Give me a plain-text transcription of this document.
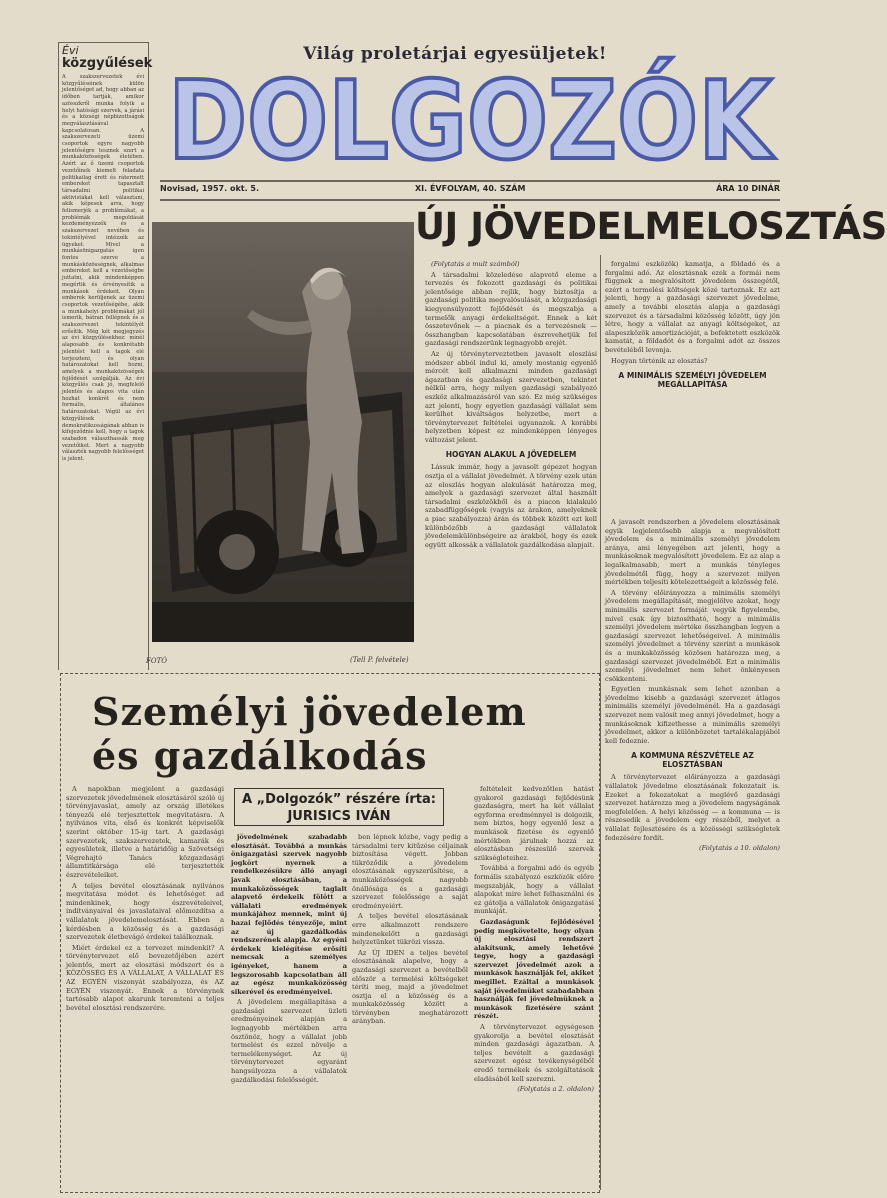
Világ proletárjai egyesüljetek!
DOLGOZÓK
Novisad, 1957. okt. 5.	XI. ÉVFOLYAM, 40. SZÁM	ÁRA 10 DINÁR
Évi
közgyűlések
A szakszervezetek évi közgyűléseinek külön jelentőséget ad, hogy abban az időben tartják, amikor azösszkről munka folyik a helyi hatósági szervek, a járási és a községi népbizottságok megválasztásával kapcsolatosan. A szakszervezeti üzemi csoportok egyre nagyobb jelentőségre tesznek szert a munkaközösségek életében. Azért az ő üzemi csoportok vezetőinek kiemelt feladata politikailag érett és rátermett embereket tapasztalt társadalmi politikai aktivistákat kell választani, akik képesek arra, hogy felismerjék a problémákat, a problémák megoldását kezdeményezzék és a szakszervezet nevében és tekintélyével intézzék az ügyeket. Mivel a munkásönigazgatás igen fontos szerve a munkásközösségnek, alkalmas embereket kell a vezetőségbe juttatni, akik mindenképpen megértik és érvényesítik a munkások érdekeit. Olyan emberek kerüljenek az üzemi csoportok vezetőségébe, akik a munkahelyi problémákat jól ismerik, bátran fellépnek és a szakszervezet tekintélyét erősítik. Még két megjegyzés az évi közgyűlésekhez: minél alaposabb és konkrétabb jelentést kell a tagok elé terjeszteni, és olyan határozatokat kell hozni, amelyek a munkaközösségek fejlődését szolgálják. Az évi közgyűlés csak jó, megfelelő jelentés és alapos vita után hozhat konkrét és nem formális, általános határozatokat. Végül az évi közgyűlések demokratikusságának abban is kifejeződnie kell, hogy a tagok szabadon választhassák meg vezetőiket. Mert a nagyobb választék nagyobb felelősséget is jelent.
ÚJ JÖVEDELMELOSZTÁS
FOTÓ	(Tell P. felvétele)

(Folytatás a mult számból)

A társadalmi közeledése alapvető eleme a tervezés és fokozott gazdasági és politikai jelentősége abban rejlik, hogy biztosítja a gazdasági politika megvalósulását, a közgazdasági kiegyensúlyozott fejlődését és megszabja a termelők anyagi érdekeltségét. Ennek a két összetevőnek — a piacnak és a tervezésnek — összhangban kapcsolatában észrevehetjük fel gazdasági rendszerünk legnagyobb erejét.

Az új törvényterveztetben javasolt eloszlási módszer abból indul ki, amely mostanig egyenlő mércét kell alkalmazni minden gazdasági ágazatban és gazdasági szervezetben, tekintet nélkül arra, hogy milyen gazdasági szabályozó eszköz alkalmazásáról van szó. Ez még szükséges azt jelenti, hogy egyetlen gazdasági vállalat sem kerülhet kiváltságos helyzetbe, mert a törvénytervezet feltételei ugyanazok. A korábbi helyzetben képest ez mindenképpen lényeges változást jelent.

HOGYAN ALAKUL A JÖVEDELEM

Lássuk immár, hogy a javasolt gépezet hogyan osztja el a vállalat jövedelmét. A törvény ezek után az eloszlás hogyan alakulását határozza meg, amelyek a gazdasági szervezet által használt társadalmi eszközökből és a piacon kialakuló szabadfüggőségek (vagyis az árakon, amelyeknek a piac szabályozza) árán és többek között ezt kell különbözőbb a gazdasági vállalatok jövedelemkülönbségeire az árakból, hogy és ezek együtt alkossák a vállalatok gazdálkodása alapjait.

forgalmi eszközök) kamatja, a földadó és a forgalmi adó. Az elosztásnak ezek a formái nem függnek a megvalósított jövedelem összegétől, ezért a termelési költségek közé tartoznak. Ez azt jelenti, hogy a gazdasági szervezet jövedelme, amely a további elosztás alapja a gazdasági szervezet és a társadalmi közösség között, úgy jön létre, hogy a vállalat az anyagi költségeket, az alapeszközök amortizációját, a befektetett eszközök kamatát, a földadót és a forgalmi adót az összes bevételéből levonja.

Hogyan történik az elosztás?

A MINIMÁLIS SZEMÉLYI JÖVEDELEM MEGÁLLAPÍTÁSA

A javasolt rendszerben a jövedelem elosztásának egyik legjelentősebb alapja a megvalósított jövedelem és a minimális személyi jövedelem aránya, ami lényegében azt jelenti, hogy a munkásoknak megvalósított jövedelem. Ez az alap a legalkalmasabb, mert a munkás tényleges jövedelmétől függ, hogy a szervezet milyen mértékben teljesíti kötelezettségeit a közösség felé.

A törvény előirányozza a minimális személyi jövedelem megállapítását, megjelölve azokat, hogy minimális szervezet formáját vegyük figyelembe, mivel csak így biztosítható, hogy a minimális személyi jövedelem mértéke összhangban legyen a gazdasági szervezet lehetőségeivel. A minimális személyi jövedelmet a törvény szerint a munkások és a munkaközösség közösen határozza meg, a gazdasági szervezet jövedelméből. Ezt a minimális személyi jövedelmet nem lehet önkényesen csökkenteni.

Egyetlen munkásnak sem lehet azonban a jövedelme kisebb a gazdasági szervezet átlagos minimális személyi jövedelménél. Ha a gazdasági szervezet nem valósít meg annyi jövedelmet, hogy a munkásoknak kifizethesse a minimális személyi jövedelmet, akkor a különbözetet tartalékalapjából kell fedeznie.

A KOMMUNA RÉSZVÉTELE AZ ELOSZTÁSBAN

A törvénytervezet előirányozza a gazdasági vállalatok jövedelme elosztásának fokozatait is. Ezeket a fokozatokat a meglévő gazdasági szervezet határozza meg a jövedelem nagyságának megfelelően. A helyi közösség — a kommuna — is részesedik a jövedelem egy részéből, melyet a vállalat fejlesztésére és a közösségi szükségletek fedezésére fordít.

(Folytatás a 10. oldalon)

Személyi jövedelem
és gazdálkodás
A „Dolgozók” részére írta:
JURISICS IVÁN

A napokban megjelent a gazdasági szervezetek jövedelmének elosztásáról szóló új törvényjavaslat, amely az ország illetékes tényezői elé terjesztettek megvitatásra. A nyilvános vita, első és konkrét képviselők szerint október 15-ig tart. A gazdasági szervezetek, szakszervezetek, kamarák és egyesületek, illetve a határidőig a Szövetségi Végrehajtó Tanács közgazdasági államtitkársága elé terjesztették észrevételeiket.

A teljes bevétel elosztásának nyilvános megvitatása módot és lehetőséget ad mindenkinek, hogy észrevételeivel, indítványaival és javaslataival előmozdítsa a vállalatok jövedelemelosztását. Ebben a kérdésben a közösség és a gazdasági szervezetek életbevágó érdekei találkoznak.

Miért érdekel ez a tervezet mindenkit? A törvénytervezet elő bevezetőjében azért jelentős, mert az elosztási módszert és a KÖZÖSSÉG ÉS A VÁLLALAT, A VÁLLALAT ÉS AZ EGYÉN viszonyát szabályozza, és AZ EGYÉN viszonyát. Ennek a törvénynek tartósabb alapot akarunk teremteni a teljes bevétel elosztási rendszerére.

jövedelmének szabadabb elosztását. Továbbá a munkás önigazgatási szervek nagyobb jogkört nyernek a rendelkezésükre álló anyagi javak elosztásában, a munkaközösségek taglalt alapvető érdekeik fölött a vállalati eredmények munkájához mennek, mint új hazai fejlődés tényezője, mint az új gazdálkodás rendszerének alapja. Az egyéni érdekek kielégítése erősíti nemcsak a személyes igényeket, hanem a legszorosabb kapcsolatban áll az egész munkaközösség sikerével és eredményeivel.

A jövedelem megállapítása a gazdasági szervezet üzleti eredményeinek alapján a legnagyobb mértékben arra ösztönöz, hogy a vállalat jobb termelést és ezzel növelje a termelékenységet. Az új törvénytervezet egyaránt hangsúlyozza a vállalatok gazdálkodási felelősségét.

ben lépnek közbe, vagy pedig a társadalmi terv kitűzése céljainak biztosítása végett. Jobban tükröződik a jövedelem elosztásának egyszerűsítése, a munkaközösségek nagyobb önállósága és a gazdasági szervezet felelőssége a saját eredményeiért.

A teljes bevétel elosztásának erre alkalmazott rendszere mindenekelőtt a gazdasági helyzetünket tükrözi vissza.

Az ÚJ IDEN a teljes bevétel elosztásának alapelve, hogy a gazdasági szervezet a bevételből először a termelési költségeket téríti meg, majd a jövedelmet osztja el a közösség és a munkaközösség között a törvényben meghatározott arányban.

feltételeit kedvezőtlen hatást gyakorol gazdasági fejlődésünk gazdaságra, mert ha két vállalat egyforma eredménnyel is dolgozik, nem biztos, hogy egyenlő lesz a munkások fizetése és egyenlő mértékben járulnak hozzá az elosztásban részesülő szervek szükségleteihez.

Továbbá a forgalmi adó és egyéb formális szabályozó eszközök előre megszabják, hogy a vállalat alapokat mire lehet felhasználni és ez gátolja a vállalatok önigazgatási munkáját.

Gazdaságunk fejlődésével pedig megkövetelte, hogy olyan új elosztási rendszert alakítsunk, amely lehetővé tegye, hogy a gazdasági szervezet jövedelmét azok a munkások használják fel, akiket megillet. Ezáltal a munkások saját jövedelmüket szabadabban használják fel jövedelmüknek a munkások fizetésére szánt részét.

A törvénytervezet egységesen gyakorolja a bevétel elosztását minden gazdasági ágazatban. A teljes bevételt a gazdasági szervezet egész tevékenységéből eredő termékek és szolgáltatások eladásából kell szerezni.

(Folytatás a 2. oldalon)
